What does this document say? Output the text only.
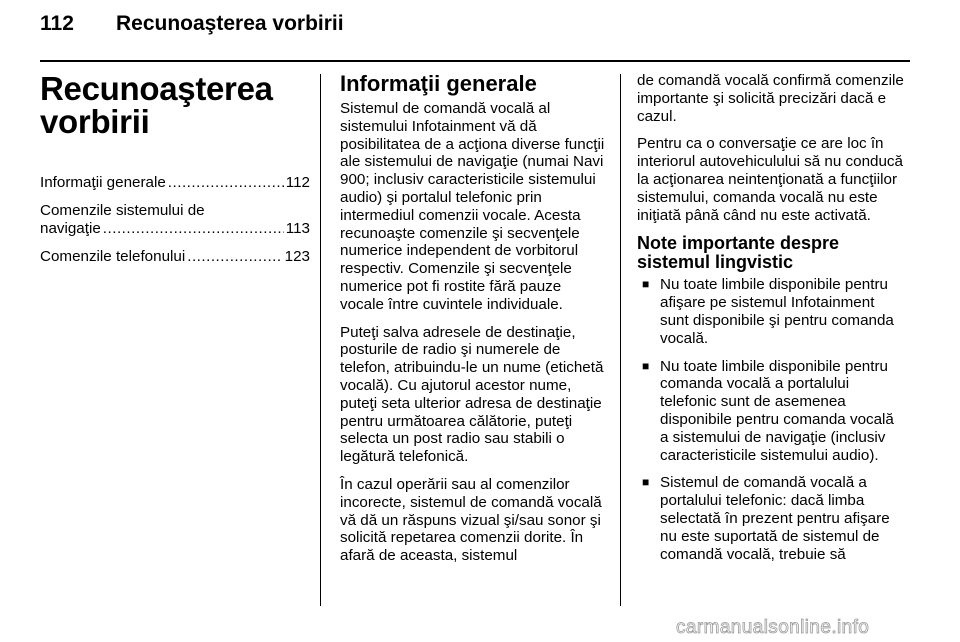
112 Recunoaşterea vorbirii
Recunoaşterea
vorbirii
Informaţii generale .....	112
Comenzile sistemului de
navigaţie .....	113
Comenzile telefonului .....	123
Informaţii generale

Sistemul de comandă vocală al sistemului Infotainment vă dă posibilitatea de a acţiona diverse funcţii ale sistemului de navigaţie (numai Navi 900; inclusiv caracteristicile sistemului audio) şi portalul telefonic prin intermediul comenzii vocale. Acesta recunoaşte comenzile şi secvenţele numerice independent de vorbitorul respectiv. Comenzile şi secvenţele numerice pot fi rostite fără pauze vocale între cuvintele individuale.

Puteţi salva adresele de destinaţie, posturile de radio şi numerele de telefon, atribuindu-le un nume (etichetă vocală). Cu ajutorul acestor nume, puteţi seta ulterior adresa de destinaţie pentru următoarea călătorie, puteţi selecta un post radio sau stabili o legătură telefonică.

În cazul operării sau al comenzilor incorecte, sistemul de comandă vocală vă dă un răspuns vizual şi/sau sonor şi solicită repetarea comenzii dorite. În afară de aceasta, sistemul

de comandă vocală confirmă comenzile importante şi solicită precizări dacă e cazul.

Pentru ca o conversaţie ce are loc în interiorul autovehiculului să nu conducă la acţionarea neintenţionată a funcţiilor sistemului, comanda vocală nu este iniţiată până când nu este activată.

Note importante despre
sistemul lingvistic
■ Nu toate limbile disponibile pentru afişare pe sistemul Infotainment sunt disponibile şi pentru comanda vocală.
■ Nu toate limbile disponibile pentru comanda vocală a portalului telefonic sunt de asemenea disponibile pentru comanda vocală a sistemului de navigaţie (inclusiv caracteristicile sistemului audio).
■ Sistemul de comandă vocală a portalului telefonic: dacă limba selectată în prezent pentru afişare nu este suportată de sistemul de comandă vocală, trebuie să
carmanualsonline.info
